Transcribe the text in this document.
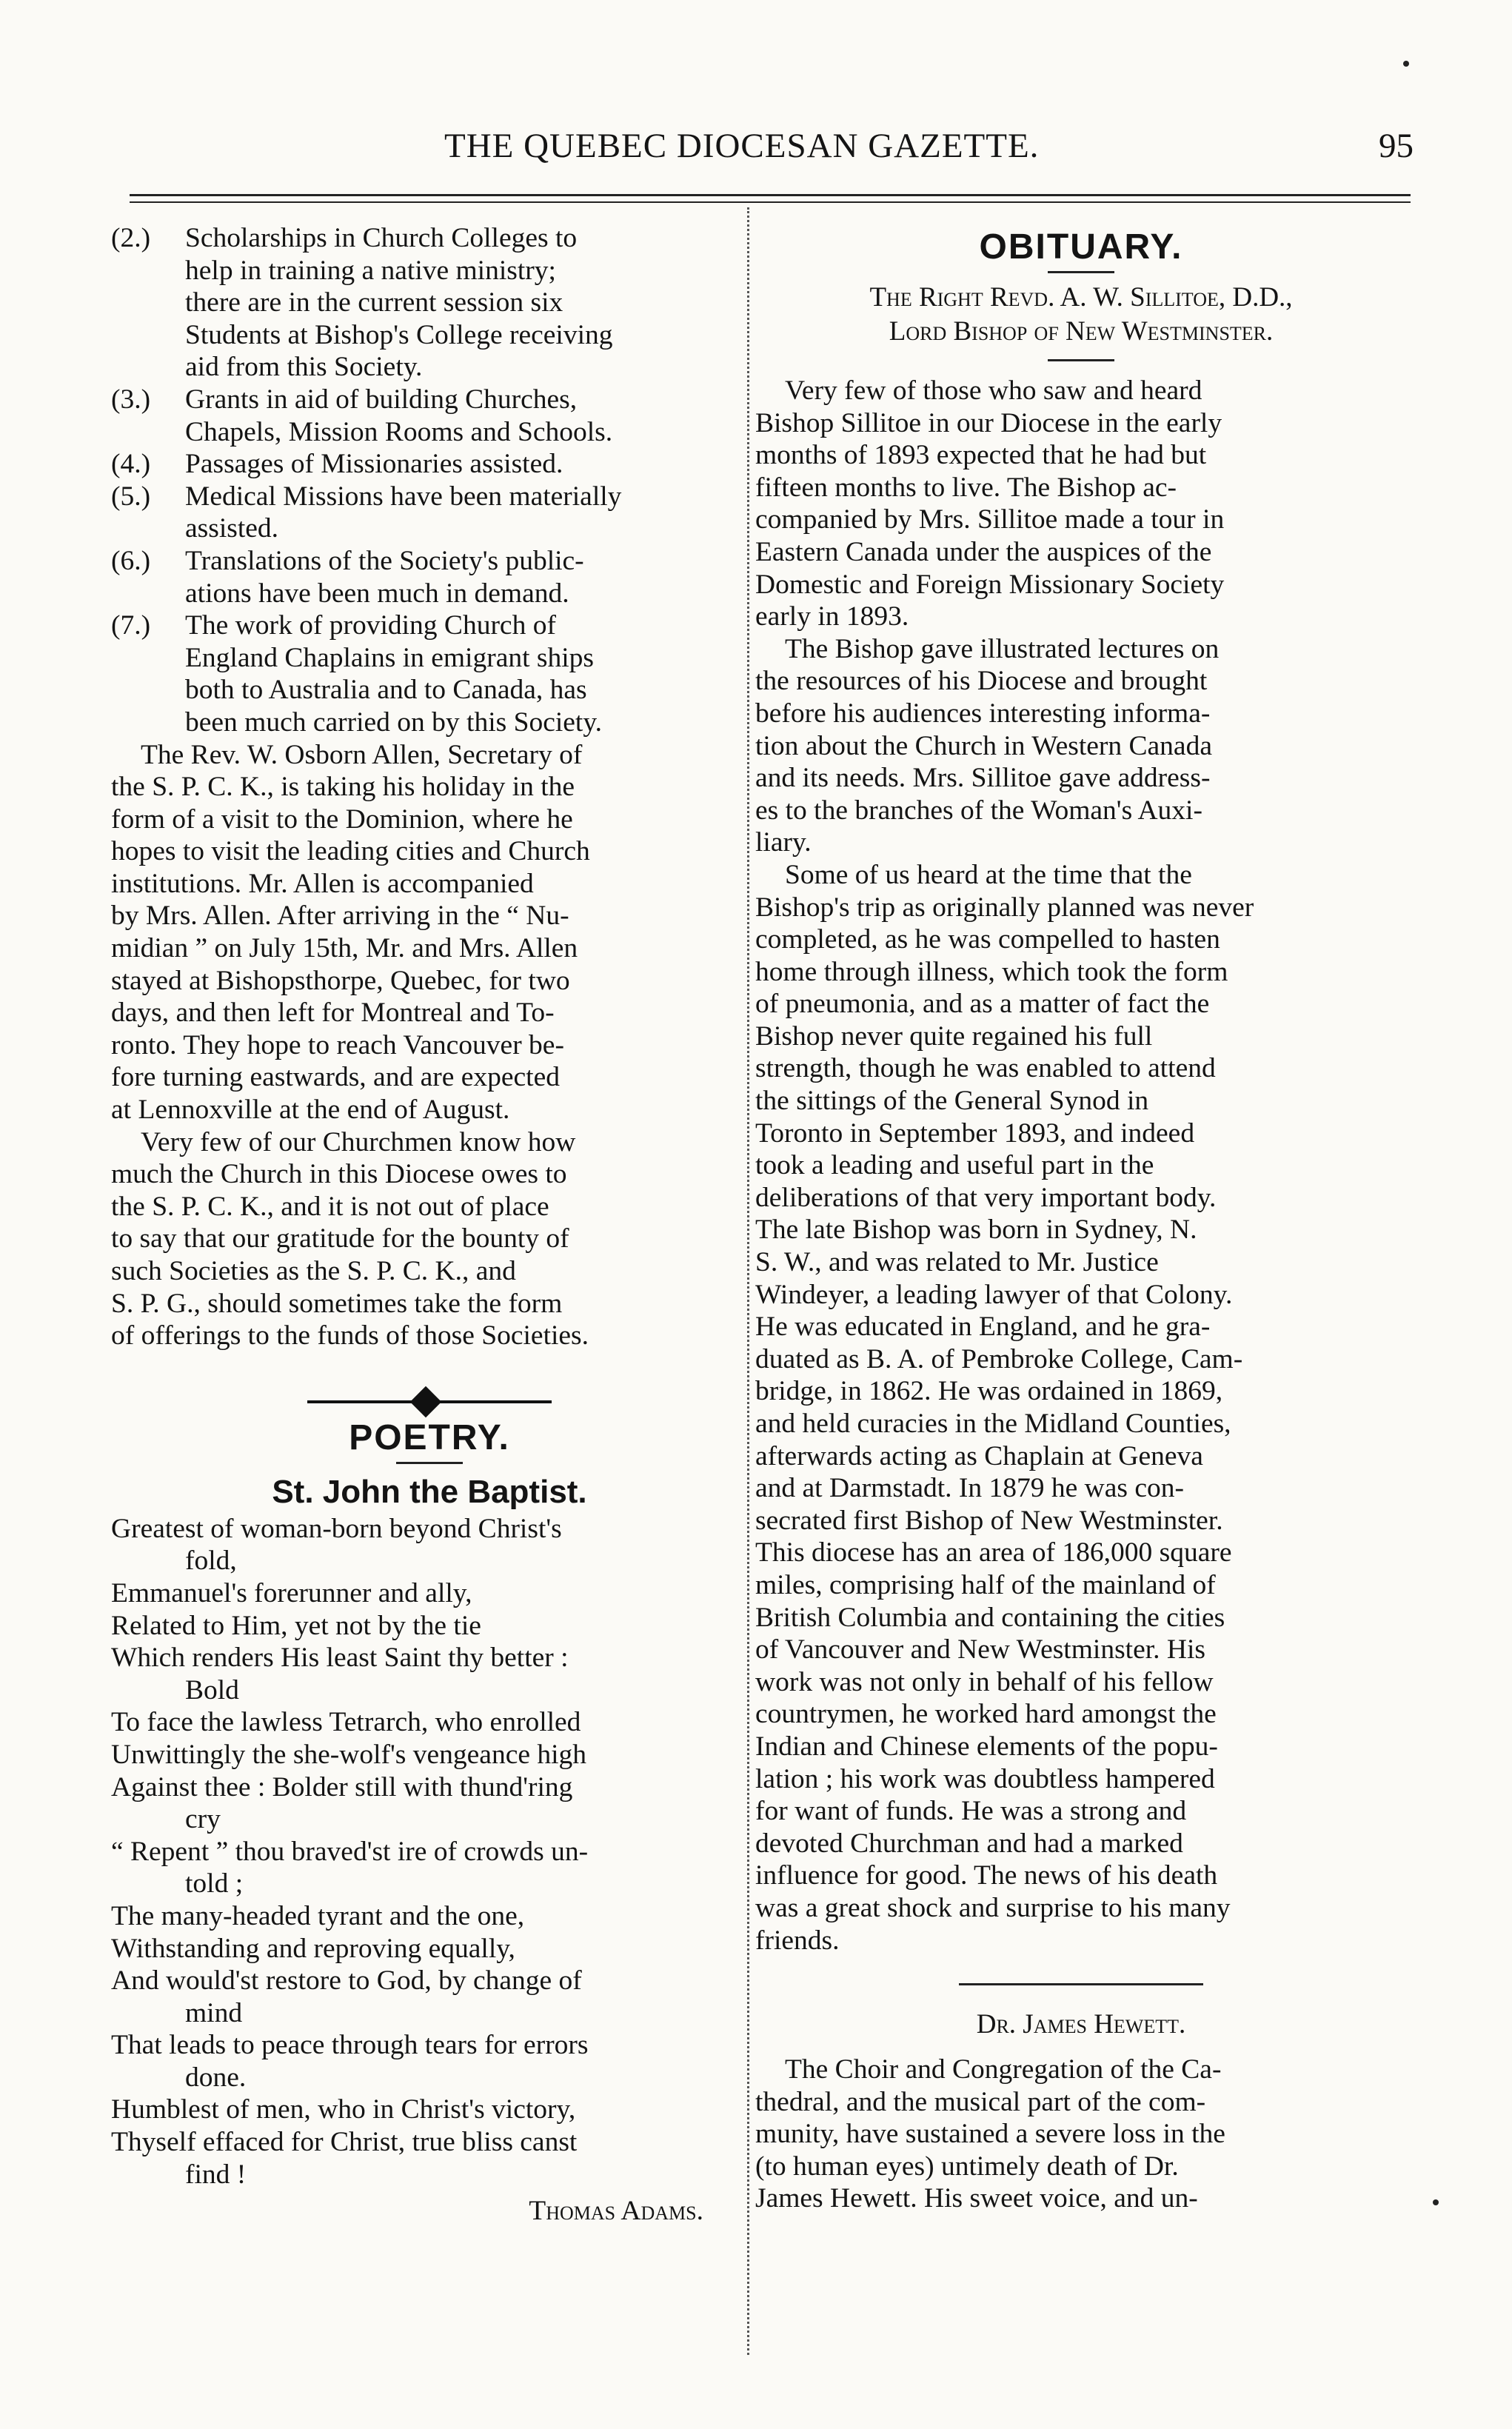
THE QUEBEC DIOCESAN GAZETTE.	95
(2.) Scholarships in Church Colleges to
help in training a native ministry;
there are in the current session six
Students at Bishop's College receiving
aid from this Society.
(3.) Grants in aid of building Churches,
Chapels, Mission Rooms and Schools.
(4.) Passages of Missionaries assisted.
(5.) Medical Missions have been materially
assisted.
(6.) Translations of the Society's public-
ations have been much in demand.
(7.) The work of providing Church of
England Chaplains in emigrant ships
both to Australia and to Canada, has
been much carried on by this Society.
The Rev. W. Osborn Allen, Secretary of
the S. P. C. K., is taking his holiday in the
form of a visit to the Dominion, where he
hopes to visit the leading cities and Church
institutions. Mr. Allen is accompanied
by Mrs. Allen. After arriving in the “ Nu-
midian ” on July 15th, Mr. and Mrs. Allen
stayed at Bishopsthorpe, Quebec, for two
days, and then left for Montreal and To-
ronto. They hope to reach Vancouver be-
fore turning eastwards, and are expected
at Lennoxville at the end of August.
Very few of our Churchmen know how
much the Church in this Diocese owes to
the S. P. C. K., and it is not out of place
to say that our gratitude for the bounty of
such Societies as the S. P. C. K., and
S. P. G., should sometimes take the form
of offerings to the funds of those Societies.
POETRY.
St. John the Baptist.
Greatest of woman-born beyond Christ's
fold,
Emmanuel's forerunner and ally,
Related to Him, yet not by the tie
Which renders His least Saint thy better :
Bold
To face the lawless Tetrarch, who enrolled
Unwittingly the she-wolf's vengeance high
Against thee : Bolder still with thund'ring
cry
“ Repent ” thou braved'st ire of crowds un-
told ;
The many-headed tyrant and the one,
Withstanding and reproving equally,
And would'st restore to God, by change of
mind
That leads to peace through tears for errors
done.
Humblest of men, who in Christ's victory,
Thyself effaced for Christ, true bliss canst
find !
Thomas Adams.
OBITUARY.
The Right Revd. A. W. Sillitoe, D.D.,
Lord Bishop of New Westminster.
Very few of those who saw and heard
Bishop Sillitoe in our Diocese in the early
months of 1893 expected that he had but
fifteen months to live. The Bishop ac-
companied by Mrs. Sillitoe made a tour in
Eastern Canada under the auspices of the
Domestic and Foreign Missionary Society
early in 1893.
The Bishop gave illustrated lectures on
the resources of his Diocese and brought
before his audiences interesting informa-
tion about the Church in Western Canada
and its needs. Mrs. Sillitoe gave address-
es to the branches of the Woman's Auxi-
liary.
Some of us heard at the time that the
Bishop's trip as originally planned was never
completed, as he was compelled to hasten
home through illness, which took the form
of pneumonia, and as a matter of fact the
Bishop never quite regained his full
strength, though he was enabled to attend
the sittings of the General Synod in
Toronto in September 1893, and indeed
took a leading and useful part in the
deliberations of that very important body.
The late Bishop was born in Sydney, N.
S. W., and was related to Mr. Justice
Windeyer, a leading lawyer of that Colony.
He was educated in England, and he gra-
duated as B. A. of Pembroke College, Cam-
bridge, in 1862. He was ordained in 1869,
and held curacies in the Midland Counties,
afterwards acting as Chaplain at Geneva
and at Darmstadt. In 1879 he was con-
secrated first Bishop of New Westminster.
This diocese has an area of 186,000 square
miles, comprising half of the mainland of
British Columbia and containing the cities
of Vancouver and New Westminster. His
work was not only in behalf of his fellow
countrymen, he worked hard amongst the
Indian and Chinese elements of the popu-
lation ; his work was doubtless hampered
for want of funds. He was a strong and
devoted Churchman and had a marked
influence for good. The news of his death
was a great shock and surprise to his many
friends.
Dr. James Hewett.
The Choir and Congregation of the Ca-
thedral, and the musical part of the com-
munity, have sustained a severe loss in the
(to human eyes) untimely death of Dr.
James Hewett. His sweet voice, and un-
